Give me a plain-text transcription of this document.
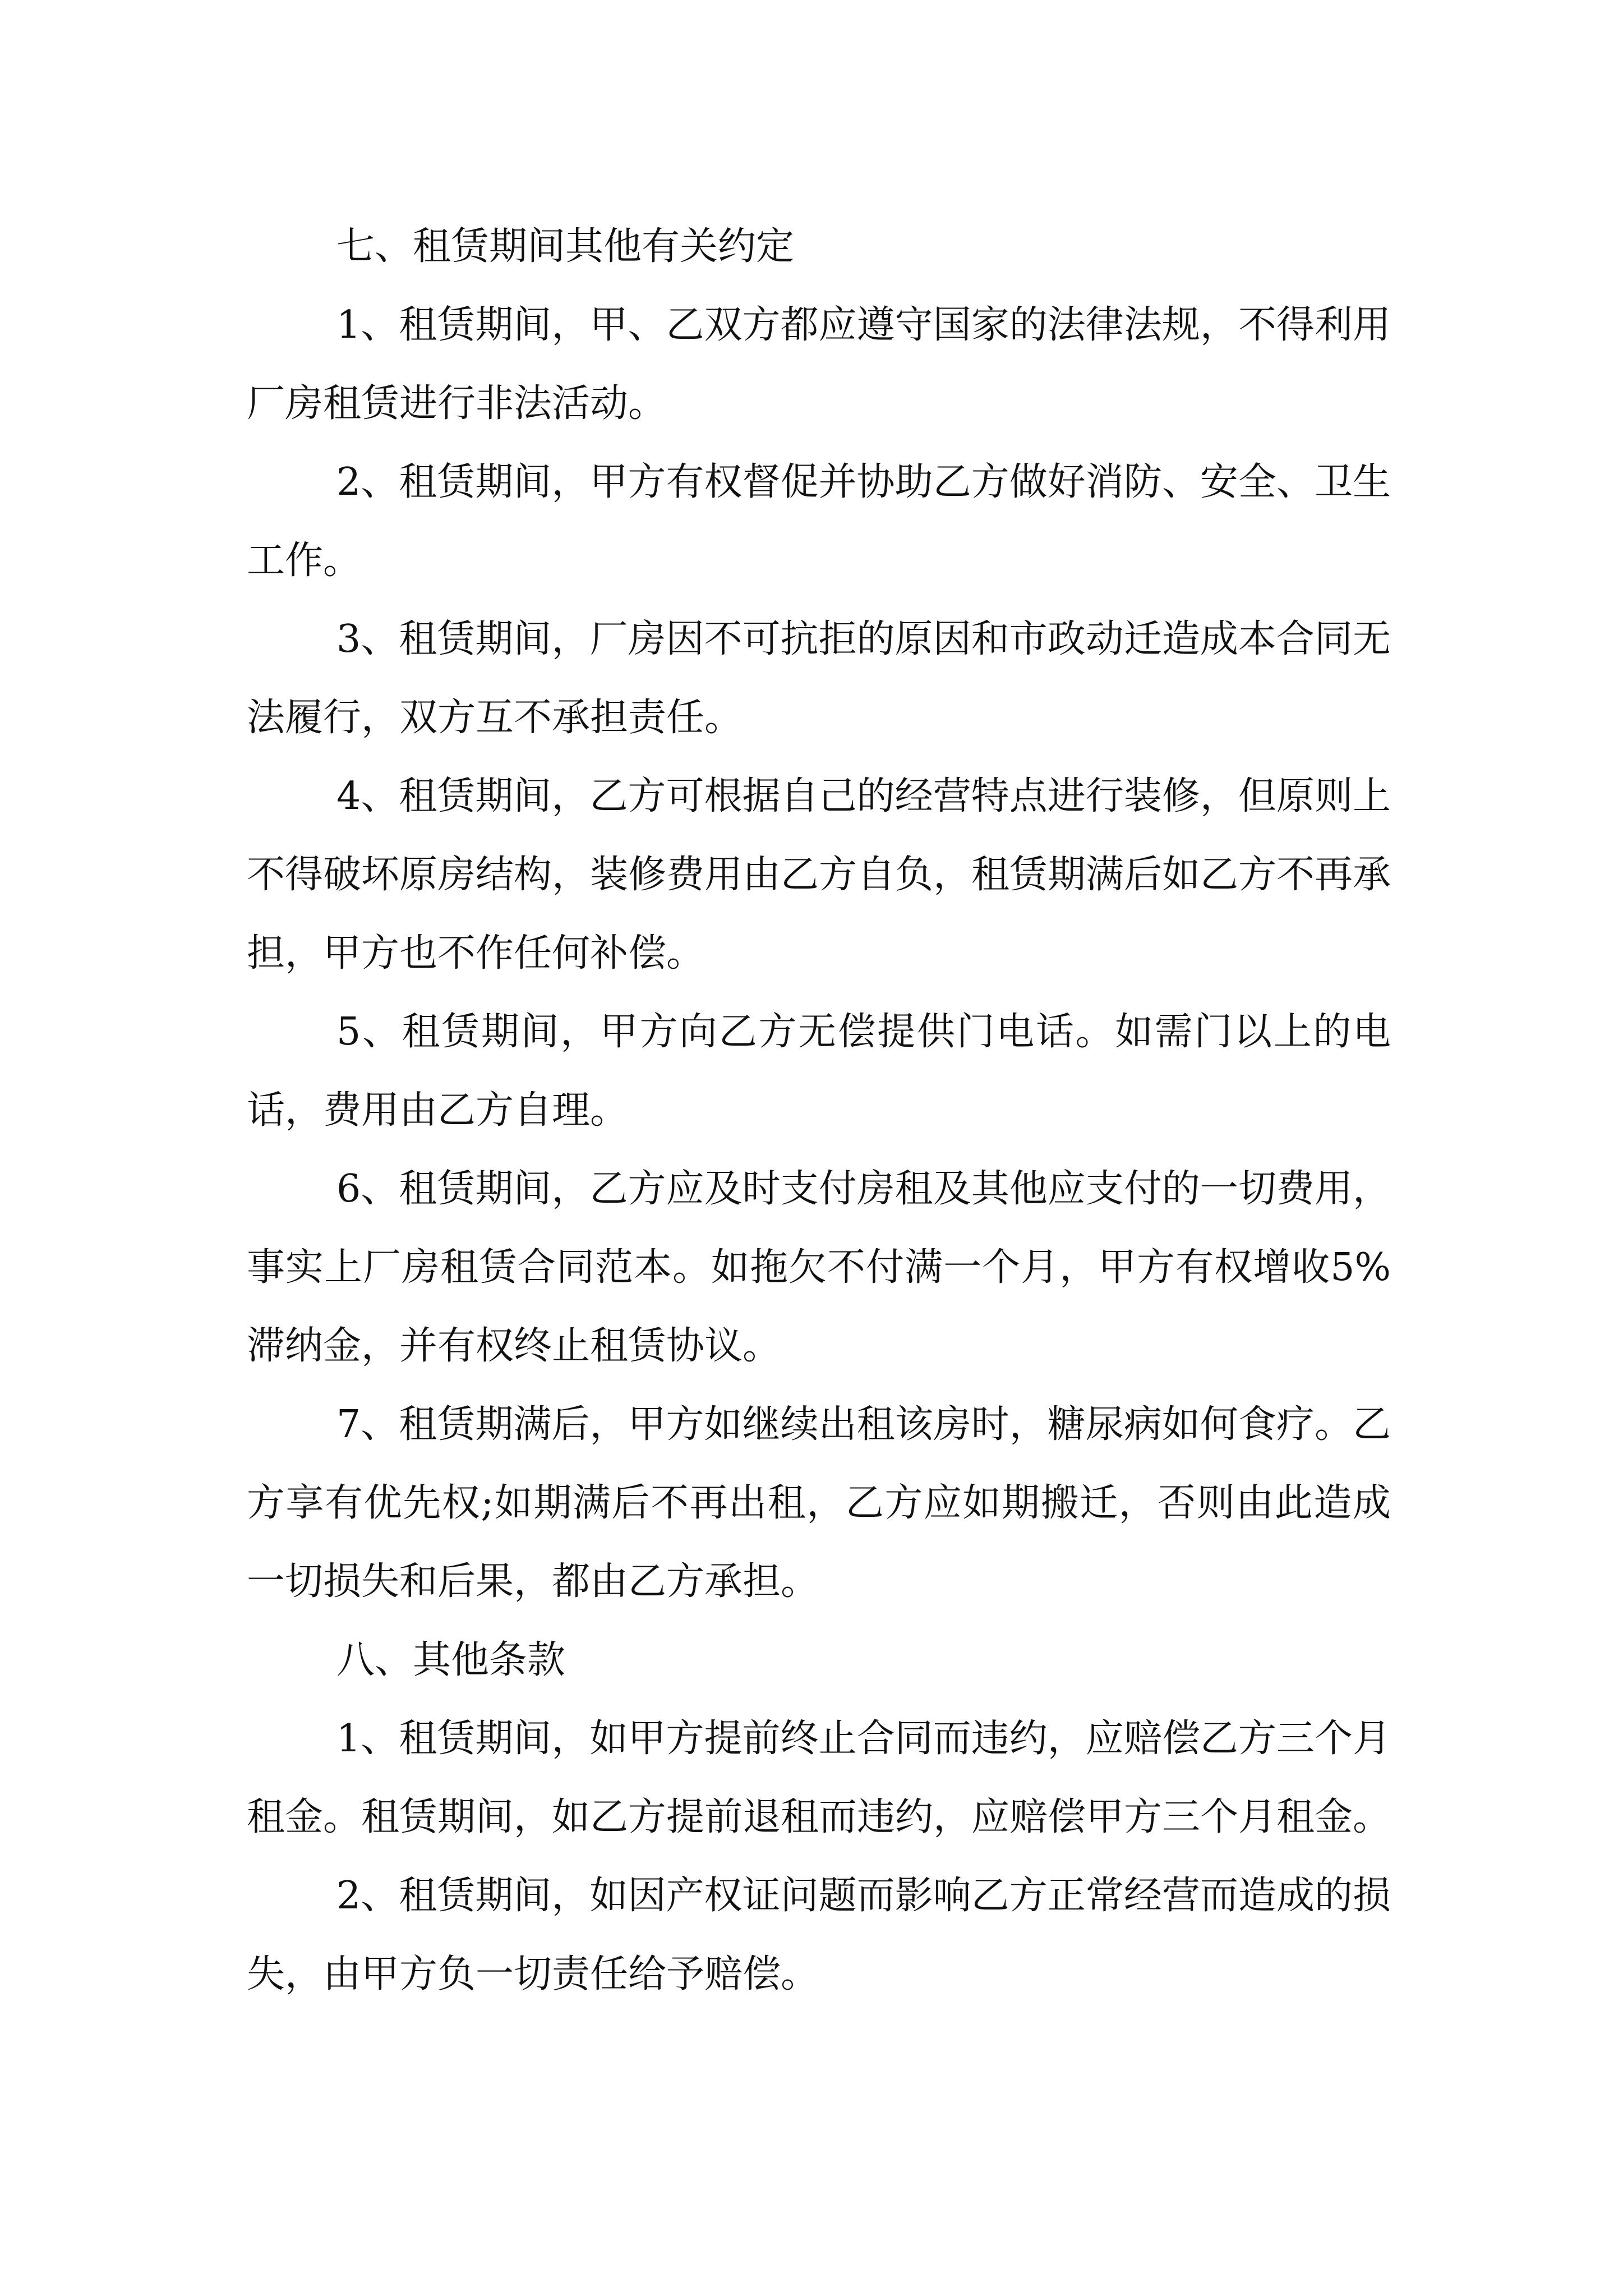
七、租赁期间其他有关约定

1、租赁期间，甲、乙双方都应遵守国家的法律法规，不得利用厂房租赁进行非法活动。

2、租赁期间，甲方有权督促并协助乙方做好消防、安全、卫生工作。

3、租赁期间，厂房因不可抗拒的原因和市政动迁造成本合同无法履行，双方互不承担责任。

4、租赁期间，乙方可根据自己的经营特点进行装修，但原则上不得破坏原房结构，装修费用由乙方自负，租赁期满后如乙方不再承担，甲方也不作任何补偿。

5、租赁期间，甲方向乙方无偿提供门电话。如需门以上的电话，费用由乙方自理。

6、租赁期间，乙方应及时支付房租及其他应支付的一切费用，事实上厂房租赁合同范本。如拖欠不付满一个月，甲方有权增收5%滞纳金，并有权终止租赁协议。

7、租赁期满后，甲方如继续出租该房时，糖尿病如何食疗。乙方享有优先权;如期满后不再出租，乙方应如期搬迁，否则由此造成一切损失和后果，都由乙方承担。

八、其他条款

1、租赁期间，如甲方提前终止合同而违约，应赔偿乙方三个月租金。租赁期间，如乙方提前退租而违约，应赔偿甲方三个月租金。

2、租赁期间，如因产权证问题而影响乙方正常经营而造成的损失，由甲方负一切责任给予赔偿。
